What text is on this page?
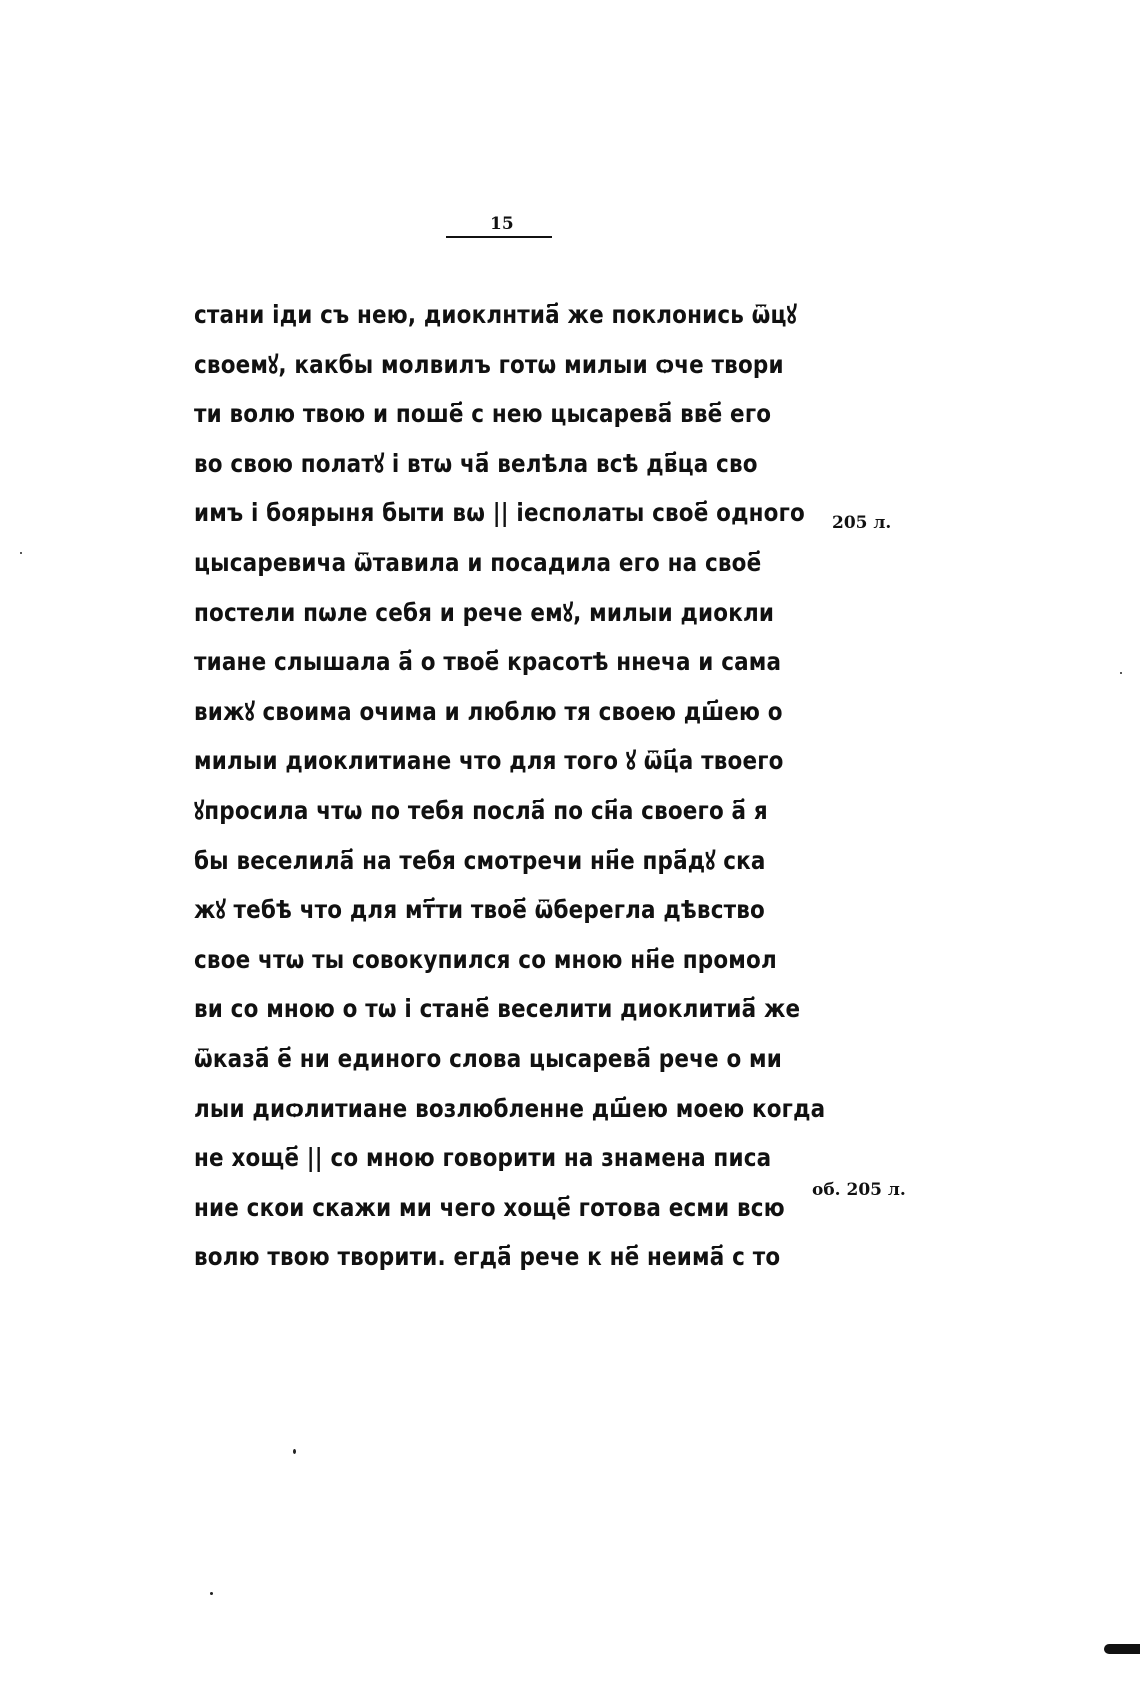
15
стани іди съ нею, диоклнтиа҃ же поклонись ѿцꙋ
своемꙋ, какбы молвилъ готѡ милыи ѻче твори
ти волю твою и поше҃ с нею цысарева҃ вве҃ его
во свою полатꙋ і втѡ ча҃ велѣла всѣ дв҃ца сво
имъ і боярыня быти вѡ || іесполаты свое҃ одного
цысаревича ѿтавила и посадила его на свое҃
постели пѡле себя и рече емꙋ, милыи диокли
тиане слышала а҃ о твое҃ красотѣ ннеча и сама
вижꙋ своима очима и люблю тя своею дш҃ею о
милыи диоклитиане что для того ꙋ ѿц҃а твоего
ꙋпросила чтѡ по тебя посла҃ по сн҃а своего а҃ я
бы веселила҃ на тебя смотречи нн҃е пра҃дꙋ ска
жꙋ тебѣ что для мт҃ти твое҃ ѿберегла дѣвство
свое чтѡ ты совокупился со мною нн҃е промол
ви со мною о тѡ і стане҃ веселити диоклитиа҃ же
ѿказа҃ е҃ ни единого слова цысарева҃ рече о ми
лыи диѻлитиане возлюбленне дш҃ею моею когда
не хоще҃ || со мною говорити на знамена писа
ние скои скажи ми чего хоще҃ готова есми всю
волю твою творити. егда҃ рече к не҃ неима҃ с то
205 л.
об. 205 л.
